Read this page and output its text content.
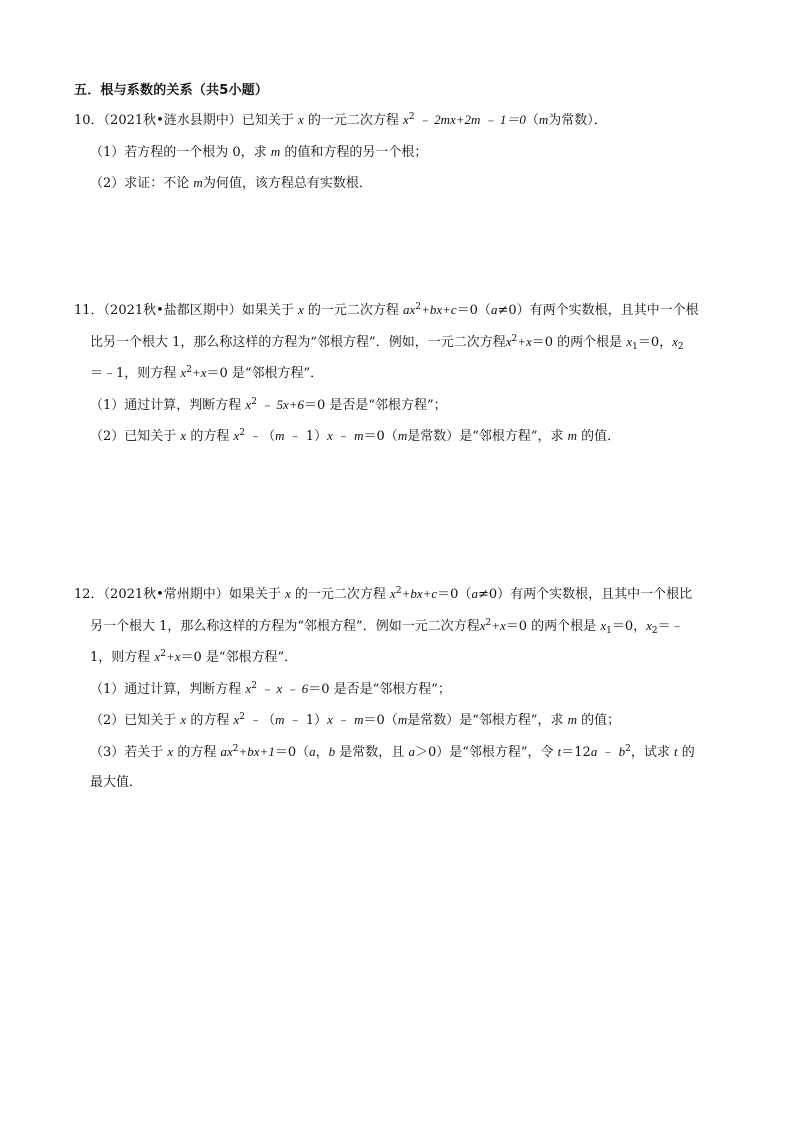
五．根与系数的关系（共5小题）
10．（2021秋•涟水县期中）已知关于 x 的一元二次方程 $x^2$ ﹣ 2mx+2m ﹣ 1＝0（m为常数）．
（1）若方程的一个根为 0，求 m 的值和方程的另一个根；
（2）求证：不论 m为何值，该方程总有实数根．
11．（2021秋•盐都区期中）如果关于 x 的一元二次方程 $ax^2+bx+c=0(a\ne 0)$有两个实数根，且其中一个根
比另一个根大 1，那么称这样的方程为“邻根方程”．例如，一元二次方程$x^2+x=0$ 的两个根是 $x_1=0$，$x_2$
＝﹣1，则方程 $x^2+x=0$ 是“邻根方程”．
（1）通过计算，判断方程 $x^2$ ﹣ 5x+6＝0 是否是“邻根方程”；
（2）已知关于 x 的方程 $x^2$ ﹣（m ﹣ 1）x ﹣ m＝0（m是常数）是“邻根方程”，求 m 的值．
12．（2021秋•常州期中）如果关于 x 的一元二次方程 $x^2+bx+c=0(a\ne 0)$有两个实数根，且其中一个根比
另一个根大 1，那么称这样的方程为“邻根方程”．例如一元二次方程$x^2+x=0$ 的两个根是 $x_1=0$，$x_2=﹣$
1，则方程 $x^2+x=0$ 是“邻根方程”．
（1）通过计算，判断方程 $x^2$ ﹣ x ﹣ 6＝0 是否是“邻根方程”；
（2）已知关于 x 的方程 $x^2$ ﹣（m ﹣ 1）x ﹣ m＝0（m是常数）是“邻根方程”，求 m 的值；
（3）若关于 x 的方程 $ax^2+bx+1=0(a$，b 是常数，且 a＞0）是“邻根方程”，令 t＝12a ﹣ $b^2$，试求 t 的
最大值．
